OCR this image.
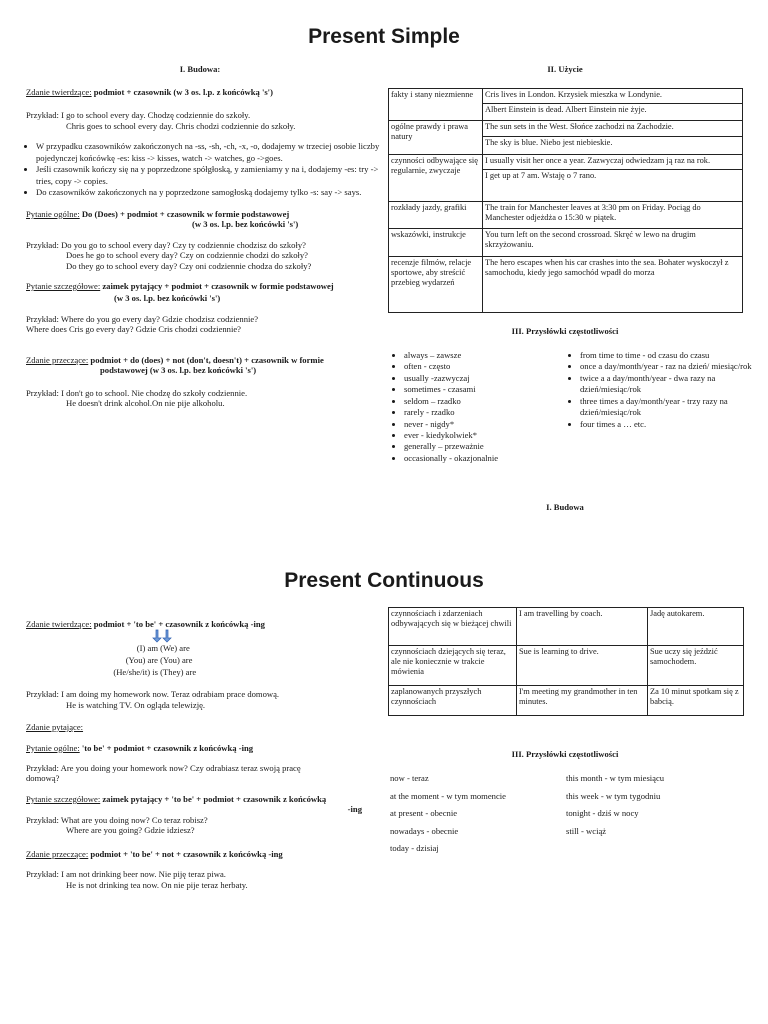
Present Simple
I. Budowa:

Zdanie twierdzące: podmiot + czasownik (w 3 os. l.p. z końcówką 's')

Przykład: I go to school every day. Chodzę codziennie do szkoły.

Chris goes to school every day. Chris chodzi codziennie do szkoły.

• W przypadku czasowników zakończonych na -ss, -sh, -ch, -x, -o, dodajemy w trzeciej osobie liczby pojedynczej końcówkę -es: kiss -> kisses, watch -> watches, go ->goes.
• Jeśli czasownik kończy się na y poprzedzone spółgłoską, y zamieniamy y na i, dodajemy -es: try -> tries, copy -> copies.
• Do czasowników zakończonych na y poprzedzone samogłoską dodajemy tylko -s: say -> says.

Pytanie ogólne: Do (Does) + podmiot + czasownik w formie podstawowej

(w 3 os. l.p. bez końcówki 's')

Przykład: Do you go to school every day? Czy ty codziennie chodzisz do szkoły?

Does he go to school every day? Czy on codziennie chodzi do szkoły?

Do they go to school every day? Czy oni codziennie chodza do szkoły?

Pytanie szczegółowe: zaimek pytający + podmiot + czasownik w formie podstawowej

(w 3 os. l.p. bez końcówki 's')

Przykład: Where do you go every day? Gdzie chodzisz codziennie?

Where does Cris go every day? Gdzie Cris chodzi codziennie?

Zdanie przeczące: podmiot + do (does) + not (don't, doesn't) + czasownik w formie

podstawowej (w 3 os. l.p. bez końcówki 's')

Przykład: I don't go to school. Nie chodzę do szkoły codziennie.

He doesn't drink alcohol.On nie pije alkoholu.

II. Użycie
fakty i stany niezmienne	Cris lives in London. Krzysiek mieszka w Londynie.
Albert Einstein is dead. Albert Einstein nie żyje.

ogólne prawdy i prawa natury	The sun sets in the West. Słońce zachodzi na Zachodzie.
The sky is blue. Niebo jest niebieskie.

czynności odbywające się regularnie, zwyczaje	I usually visit her once a year. Zazwyczaj odwiedzam ją raz na rok.
I get up at 7 am. Wstaję o 7 rano.

rozkłady jazdy, grafiki	The train for Manchester leaves at 3:30 pm on Friday. Pociąg do Manchester odjeżdża o 15:30 w piątek.
wskazówki, instrukcje	You turn left on the second crossroad. Skręć w lewo na drugim skrzyżowaniu.
recenzje filmów, relacje sportowe, aby streścić przebieg wydarzeń	The hero escapes when his car crashes into the sea. Bohater wyskoczył z samochodu, kiedy jego samochód wpadł do morza
III. Przysłówki częstotliwości
• always – zawsze
• often - często
• usually -zazwyczaj
• sometimes - czasami
• seldom – rzadko
• rarely - rzadko
• never - nigdy*
• ever - kiedykolwiek*
• generally – przeważnie
• occasionally - okazjonalnie
• from time to time - od czasu do czasu
• once a day/month/year - raz na dzień/ miesiąc/rok
• twice a a day/month/year - dwa razy na dzień/miesiąc/rok
• three times a day/month/year - trzy razy na dzień/miesiąc/rok
• four times a … etc.
I. Budowa
Present Continuous

Zdanie twierdzące: podmiot + 'to be' + czasownik z końcówką -ing

(I) am (We) are
(You) are (You) are
(He/she/it) is (They) are

Przykład: I am doing my homework now. Teraz odrabiam prace domową.

He is watching TV. On ogląda telewizję.

Zdanie pytające:

Pytanie ogólne: 'to be' + podmiot + czasownik z końcówką -ing

Przykład: Are you doing your homework now? Czy odrabiasz teraz swoją pracę

domową?

Pytanie szczegółowe: zaimek pytający + 'to be' + podmiot + czasownik z końcówką

-ing

Przykład: What are you doing now? Co teraz robisz?

Where are you going? Gdzie idziesz?

Zdanie przeczące: podmiot + 'to be' + not + czasownik z końcówką -ing

Przykład: I am not drinking beer now. Nie piję teraz piwa.

He is not drinking tea now. On nie pije teraz herbaty.

czynnościach i zdarzeniach odbywających się w bieżącej chwili	I am travelling by coach.	Jadę autokarem.
czynnościach dziejących się teraz, ale nie koniecznie w trakcie mówienia	Sue is learning to drive.	Sue uczy się jeździć samochodem.
zaplanowanych przyszłych czynnościach	I'm meeting my grandmother in ten minutes.	Za 10 minut spotkam się z babcią.
III. Przysłówki częstotliwości
now - teraz
at the moment - w tym momencie
at present - obecnie
nowadays - obecnie
today - dzisiaj
this month - w tym miesiącu
this week - w tym tygodniu
tonight - dziś w nocy
still - wciąż
